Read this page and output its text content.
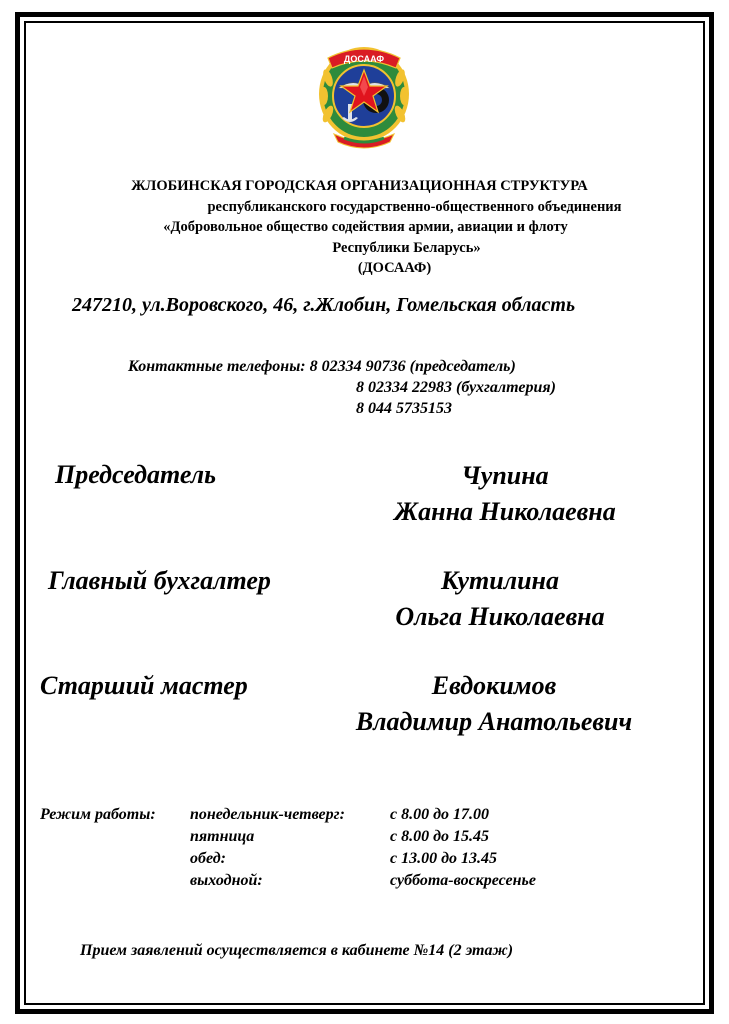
ДОСААФ
ЖЛОБИНСКАЯ ГОРОДСКАЯ ОРГАНИЗАЦИОННАЯ СТРУКТУРА
республиканского государственно-общественного объединения
«Добровольное общество содействия армии, авиации и флоту
Республики Беларусь»
(ДОСААФ)
247210, ул.Воровского, 46, г.Жлобин, Гомельская область
Контактные телефоны: 8 02334 90736 (председатель)
8 02334 22983 (бухгалтерия)
8 044 5735153
Председатель	Чупина
Жанна Николаевна
Главный бухгалтер	Кутилина
Ольга Николаевна
Старший мастер	Евдокимов
Владимир Анатольевич
Режим работы: понедельник-четверг:	с 8.00 до 17.00
пятница	с 8.00 до 15.45
обед:	с 13.00 до 13.45
выходной:	суббота-воскресенье
Прием заявлений осуществляется в кабинете №14 (2 этаж)
